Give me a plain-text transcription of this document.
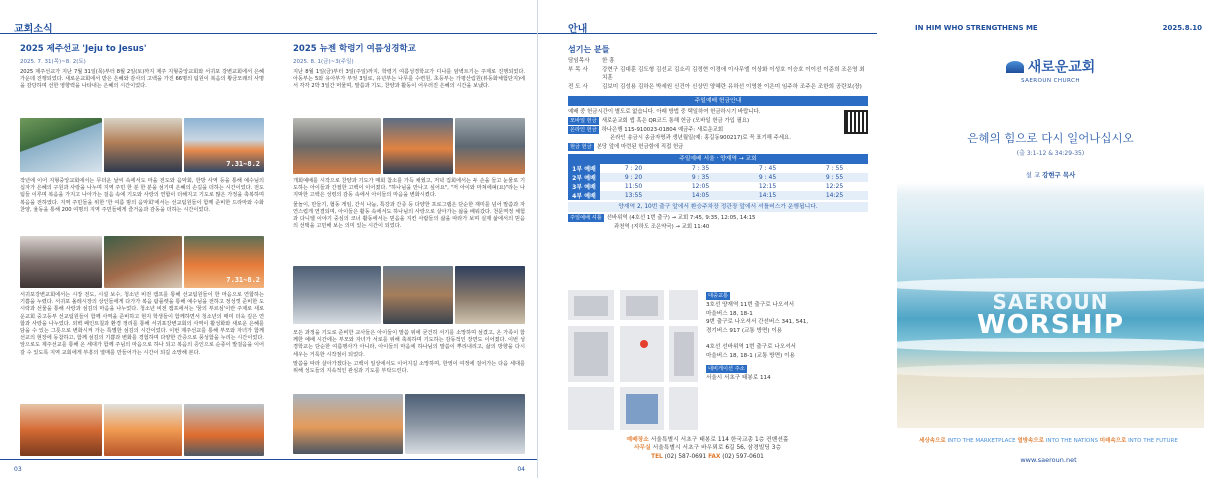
교회소식
2025 제주선교 'Jeju to Jesus'
2025. 7. 31(목)~8. 2(토)
2025 제주선교가 지난 7월 31일(목)부터 8월 2일(토)까지 제주 지형중앙교회와 서귀포 강변교회에서 은혜 가운데 진행되었다. 새로운교회에서 받은 은혜와 감사의 고백을 가진 66명의 팀원이 복음의 황금모래의 사명을 감당하며 선한 영향력을 나타내는 은혜의 시간이었다.
7.31~8.2
작년에 이어 지형중앙교회에서는 무더운 날씨 속에서도 마을 전도와 음악회, 한방 사역 등을 통해 예수님의 십자가 은혜의 구원과 사랑을 나누며 지역 주민 한 분 한 분을 섬기며 은혜의 손길을 더하는 시간이었다. 전도팀들 이루며 복음을 가지고 나아가는 걸음 속에 기도와 사랑의 연합이 더해지고 기도로 많은 가정을 축복하며 복음을 전하였다. 지역 주민들을 위한 '한 여름 밤의 음악회'에서는 선교팀원들이 함께 준비한 드라마와 수화 찬양, 율동을 통해 200 여명의 지역 주민들에게 즐거움과 감동을 더하는 시간이었다.
7.31~8.2
서귀포강변교회에서는 시장 전도, 시설 보수, 청소년 비전 캠프를 통해 선교팀원들이 한 마음으로 연합하는 기쁨을 누렸다. 서귀포 올레시장의 상인들에게 다가가 복음 팜플렛을 통해 예수님을 전하고 정성껏 준비한 도시락과 선물을 통해 사랑과 섬김의 마음을 나누었다. 청소년 비전 캠프에서는 '꿈의 부르심'이란 주제로 새로운교회 중고등부 선교팀원들이 함께 사역을 준비하고 현지 학생들이 함께하면서 청소년의 매미 더욱 깊은 연합과 사랑을 나누었다. 외벽 페인트칠과 환경 정리를 통해 서귀포강변교회의 사역이 활성화와 새로운 은혜를 담을 수 있는 그릇으로 변화시켜 가는 특별한 섬김의 시간이었다. 이번 제주선교를 통해 부모와 자녀가 함께 선교의 현장에 동참하고, 함께 섬김의 기쁨과 변화를 경험하며 다양한 간증으로 풍성함을 누리는 시간이었다. 앞으로도 제주선교를 통해 온 세대가 함께 주님의 마음으로 하나 되고 복음의 증인으로 순종이 발걸음을 이어 갈 수 있도록 지역 교회에게 부흥의 열매를 만들어가는 시간이 되길 소망해 본다.
03
2025 뉴젠 학령기 여름성경학교
2025. 8. 1(금)~3(주일)
지난 8월 1일(금)부터 3일(주일)까지, 학령기 여름성경학교가 디나를 암벽트기는 주제로 진행되었다. 아동부는 5와 유아부가 부엇 3일로, 유년부는 나무를 수련원, 초등부는 가평산림원(뷰동화체험단지)에서 각각 2박 3일간 머물며, 말씀과 기도, 찬양과 활동이 어우러진 은혜의 시간을 보냈다.
개회예배를 시작으로 찬양과 기도가 매회 참소를 가득 채웠고, 저녁 집회에서는 두 손을 들고 눈물로 기도하는 아이들과 간절한 고백이 이어졌다. "하나님을 만나고 싶어요", "저 아이와 마쳐에펴(요)"라는 나지막한 고백은 성령의 감동 속에서 아이들의 마음을 변화시켰다.
물놀이, 만들기, 협동 게임, 간식 나눔, 특강과 간증 등 다양한 프로그램은 단순한 재미를 넘어 말씀과 자연스럽게 연결되며, 아이들은 활동 속에서도 하나님의 사랑으로 살아가는 삶을 배워갔다. 천문역정 체험과 다니엘 이야기 중심의 코너 활동에서는 믿음을 지킨 사람들의 삶을 따라가 보며 실제 삶에서의 믿음의 선택을 고민해 보는 의미 있는 시간이 되었다.
모든 과정을 기도로 준비한 교사들은 아이들이 말씀 위에 굳건히 서기를 소망하며 섬겼고, 온 가족이 함께한 예배 시간에는 부모와 자녀가 서로를 위해 축복하며 기도하는 감동적인 장면도 이어졌다. 이번 성경학교는 단순한 여름행사가 아니라, 아이들의 마음에 하나님의 말씀이 뿌리내리고, 삶의 방향을 다시 세우는 거룩한 시작점이 되었다.
말씀을 따라 살아가겠다는 고백이 일상에서도 이어지길 소망하며, 한영이 여정에 걸어가는 다음 세대를 위해 성도들의 지속적인 관심과 기도를 부탁드린다.
04
안내
섬기는 분들
담임목사	한 흥
부 목 사	강현구 김대훈 김도형 김선교 김소리 김정현 이경애 이사무엘 이상화 이성호 이승호 이이선 이준희 조은영 최치훈
전 도 사	김보미 김성용 김하은 박세원 신건아 신상민 양혜란 유하선 이영찬 이은미 임주하 조주은 조한희 공란보(장)
주일예배 헌금안내
예배 중 헌금시간이 별도로 없습니다. 아래 방법 중 택일하여 헌금하시기 바랍니다.
모바일 헌금 새로운교회 앱 혹은 QR코드 통해 헌금 (모바일 헌금 가입 필요)
온라인 헌금 하나은행 115-910023-01804 예금주: 새로운교회
온라인 송금시 송금자명과 생년월일(예: 홍길동900217)로 꼭 표기해 주세요.
현금 헌금 본당 앞에 마련된 헌금함에 직접 헌금
주일예배 서울 · 양재역 → 교회
1부 예배	7 : 20	7 : 35	7 : 45	7 : 55
2부 예배	9 : 20	9 : 35	9 : 45	9 : 55
3부 예배	11:50	12:05	12:15	12:25
4부 예배	13:55	14:05	14:15	14:25
양재역 2, 10번 출구 앞에서 환승주차장 정관장 앞에서 셔틀버스가 운행됩니다.
주일예배 셔틀 선바위역 (4호선 1번 출구) → 교회 7:45, 9:35, 12:05, 14:15
과천역 (지하도 조은약국) → 교회 11:40
대중교통
3호선 양재역 11번 출구로 나오셔서
마을버스 18, 18-1
9번 출구로 나오셔서 간선버스 341, 541,
경기버스 917 (교통 방면) 이용
4호선 선바위역 1번 출구로 나오셔서
마을버스 18, 18-1 (교통 방면) 이용
내비게이션 주소
서울시 서초구 태봉로 114
예배장소 서울특별시 서초구 태봉로 114 한국교총 1층 컨벤션홀
사무실 서울특별시 서초구 바우뫼로 6길 56, 삼경빌딩 3층
TEL (02) 587-0691 FAX (02) 597-0601
IN HIM WHO STRENGTHENS ME	2025.8.10
새로운교회
SAEROUN CHURCH
은혜의 힘으로 다시 일어나십시오
(출 3:1-12 & 34:29-35)
설 교 강현구 목사
SAEROUN
WORSHIP
세상속으로 INTO THE MARKETPLACE 열방속으로 INTO THE NATIONS 미래속으로 INTO THE FUTURE
www.saeroun.net
